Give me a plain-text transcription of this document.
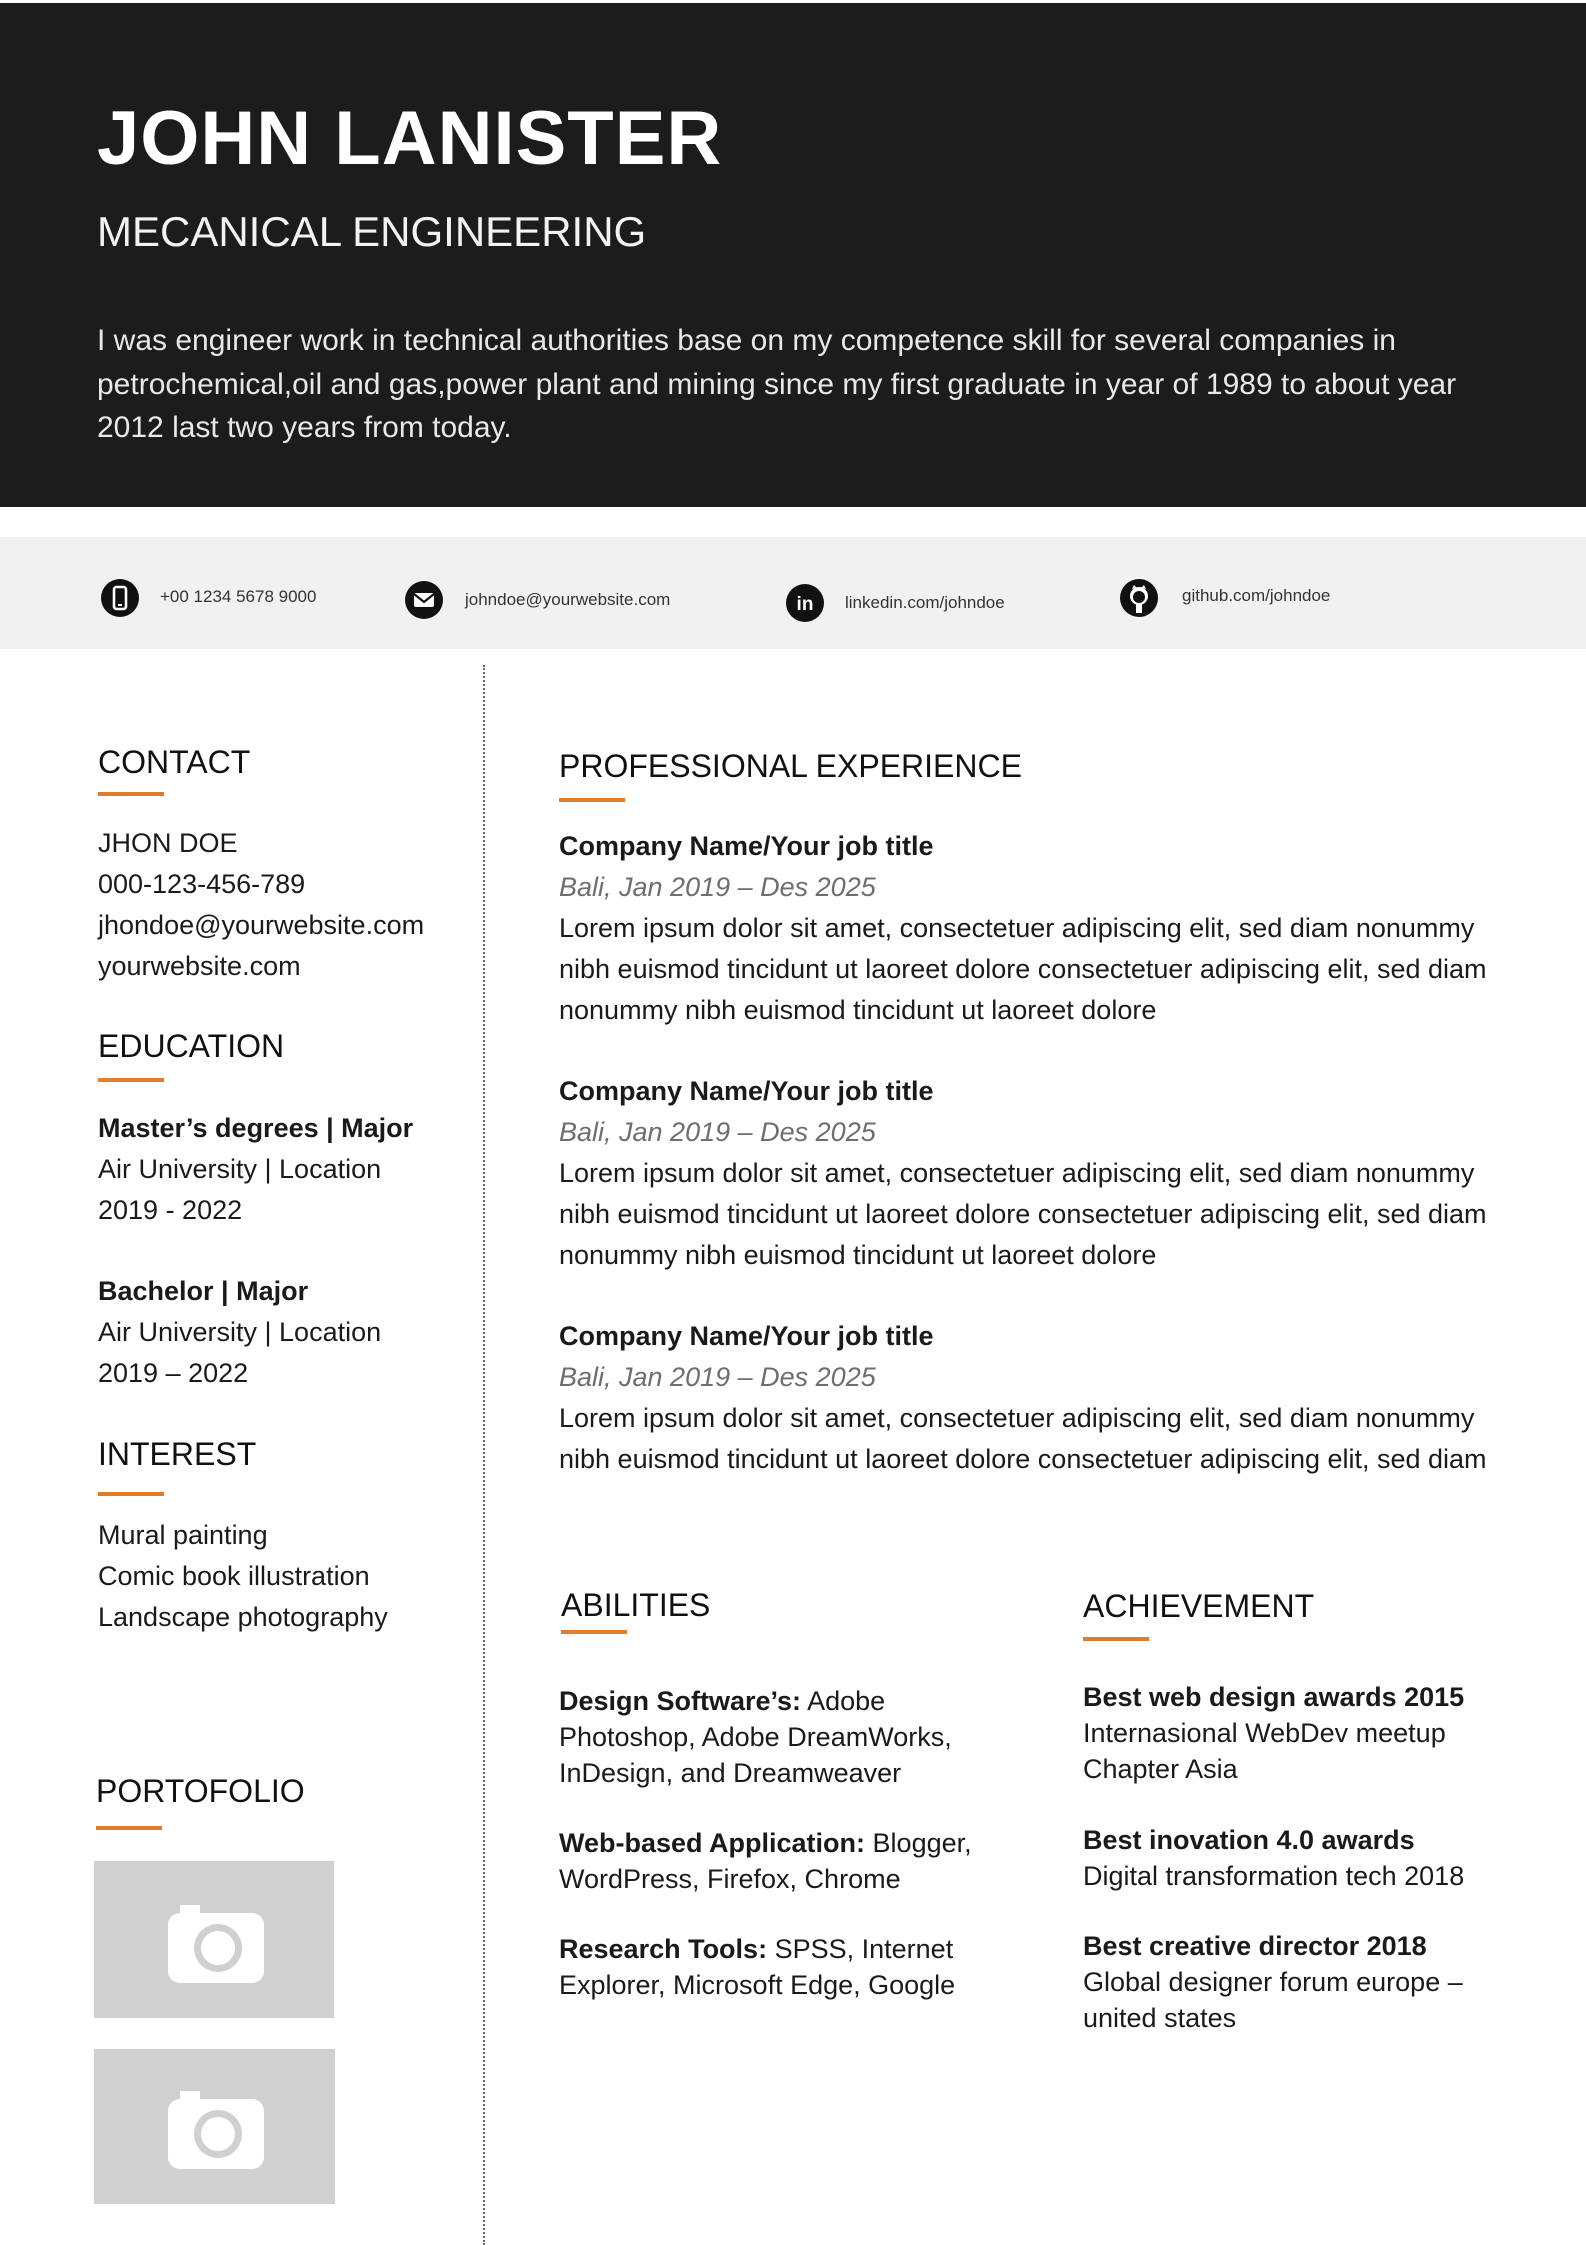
JOHN LANISTER
MECANICAL ENGINEERING
I was engineer work in technical authorities base on my competence skill for several companies in petrochemical,oil and gas,power plant and mining since my first graduate in year of 1989 to about year 2012 last two years from today.
+00 1234 5678 9000	johndoe@yourwebsite.com	in linkedin.com/johndoe	github.com/johndoe
CONTACT
JHON DOE
000-123-456-789
jhondoe@yourwebsite.com
yourwebsite.com
EDUCATION
Master’s degrees | Major
Air University | Location
2019 - 2022
Bachelor | Major
Air University | Location
2019 – 2022
INTEREST
Mural painting
Comic book illustration
Landscape photography
PORTOFOLIO
PROFESSIONAL EXPERIENCE
Company Name/Your job title
Bali, Jan 2019 – Des 2025
Lorem ipsum dolor sit amet, consectetuer adipiscing elit, sed diam nonummy nibh euismod tincidunt ut laoreet dolore consectetuer adipiscing elit, sed diam nonummy nibh euismod tincidunt ut laoreet dolore
Company Name/Your job title
Bali, Jan 2019 – Des 2025
Lorem ipsum dolor sit amet, consectetuer adipiscing elit, sed diam nonummy nibh euismod tincidunt ut laoreet dolore consectetuer adipiscing elit, sed diam nonummy nibh euismod tincidunt ut laoreet dolore
Company Name/Your job title
Bali, Jan 2019 – Des 2025
Lorem ipsum dolor sit amet, consectetuer adipiscing elit, sed diam nonummy nibh euismod tincidunt ut laoreet dolore consectetuer adipiscing elit, sed diam
ABILITIES
Design Software’s: Adobe Photoshop, Adobe DreamWorks, InDesign, and Dreamweaver
Web-based Application: Blogger, WordPress, Firefox, Chrome
Research Tools: SPSS, Internet Explorer, Microsoft Edge, Google
ACHIEVEMENT
Best web design awards 2015
Internasional WebDev meetup Chapter Asia
Best inovation 4.0 awards
Digital transformation tech 2018
Best creative director 2018
Global designer forum europe – united states
